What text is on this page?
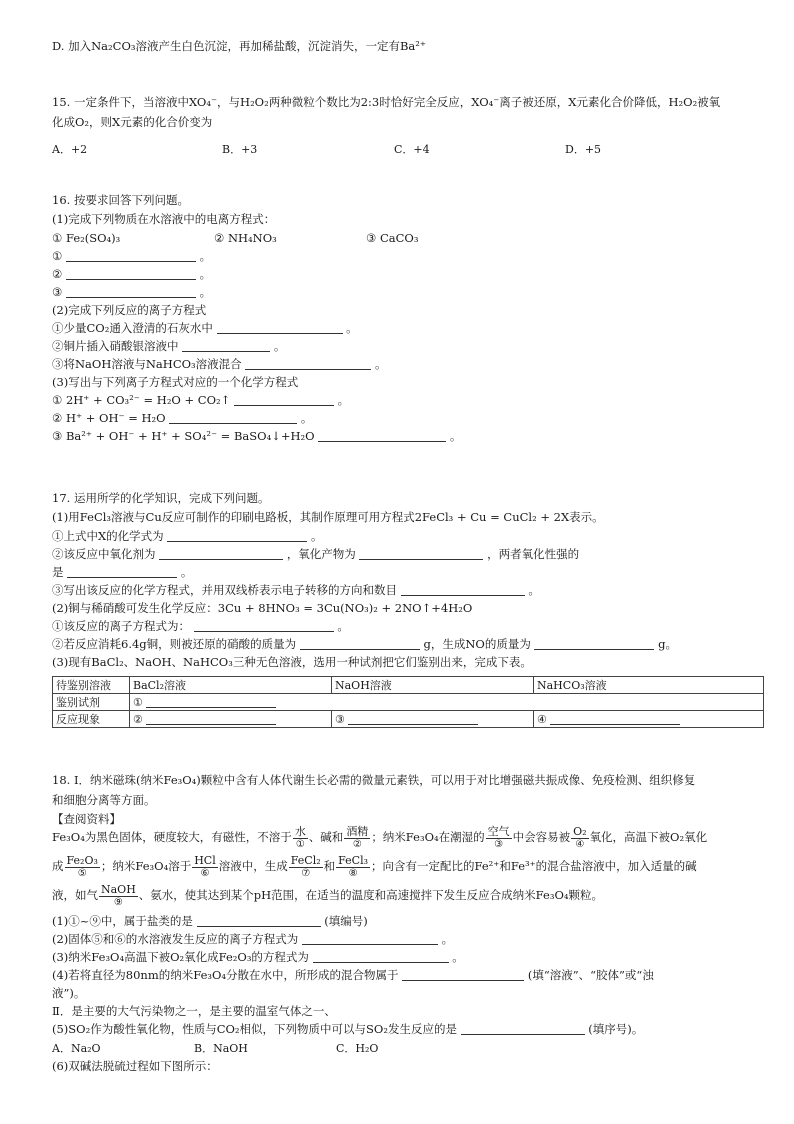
D. 加入Na₂CO₃溶液产生白色沉淀，再加稀盐酸，沉淀消失，一定有Ba²⁺
15. 一定条件下，当溶液中XO₄⁻，与H₂O₂两种微粒个数比为2:3时恰好完全反应，XO₄⁻离子被还原，X元素化合价降低，H₂O₂被氧
化成O₂，则X元素的化合价变为
A．+2	B．+3	C．+4	D．+5
16. 按要求回答下列问题。
(1)完成下列物质在水溶液中的电离方程式：
① Fe₂(SO₄)₃	② NH₄NO₃	③ CaCO₃
①	。
②	。
③	。
(2)完成下列反应的离子方程式
①少量CO₂通入澄清的石灰水中	。
②铜片插入硝酸银溶液中	。
③将NaOH溶液与NaHCO₃溶液混合	。
(3)写出与下列离子方程式对应的一个化学方程式
① 2H⁺ + CO₃²⁻ = H₂O + CO₂↑	。
② H⁺ + OH⁻ = H₂O	。
③ Ba²⁺ + OH⁻ + H⁺ + SO₄²⁻ = BaSO₄↓+H₂O	。
17. 运用所学的化学知识，完成下列问题。
(1)用FeCl₃溶液与Cu反应可制作的印刷电路板，其制作原理可用方程式2FeCl₃ + Cu = CuCl₂ + 2X表示。
①上式中X的化学式为	。
②该反应中氧化剂为	，氧化产物为	，两者氧化性强的
是	。
③写出该反应的化学方程式，并用双线桥表示电子转移的方向和数目	。
(2)铜与稀硝酸可发生化学反应：3Cu + 8HNO₃ = 3Cu(NO₃)₂ + 2NO↑+4H₂O
①该反应的离子方程式为：	。
②若反应消耗6.4g铜，则被还原的硝酸的质量为	g，生成NO的质量为	g。
(3)现有BaCl₂、NaOH、NaHCO₃三种无色溶液，选用一种试剂把它们鉴别出来，完成下表。
待鉴别溶液	BaCl₂溶液	NaOH溶液	NaHCO₃溶液
鉴别试剂	①		
反应现象	②	③	④
18. Ⅰ．纳米磁珠(纳米Fe₃O₄)颗粒中含有人体代谢生长必需的微量元素铁，可以用于对比增强磁共振成像、免疫检测、组织修复
和细胞分离等方面。
【查阅资料】
Fe₃O₄为黑色固体，硬度较大，有磁性，不溶于 $\frac{\text{水}}{\text{①}}$ 、碱和 $\frac{\text{酒精}}{\text{②}}$ ；纳米Fe₃O₄在潮湿的 $\frac{\text{空气}}{\text{③}}$ 中会容易被 $\frac{\text{O₂}}{\text{④}}$ 氧化，高温下被O₂氧化
成 $\frac{\text{Fe₂O₃}}{\text{⑤}}$ ；纳米Fe₃O₄溶于 $\frac{\text{HCl}}{\text{⑥}}$ 溶液中，生成 $\frac{\text{FeCl₂}}{\text{⑦}}$ 和 $\frac{\text{FeCl₃}}{\text{⑧}}$ ；向含有一定配比的Fe²⁺和Fe³⁺的混合盐溶液中，加入适量的碱
液，如气 $\frac{\text{NaOH}}{\text{⑨}}$ 、氨水，使其达到某个pH范围，在适当的温度和高速搅拌下发生反应合成纳米Fe₃O₄颗粒。
(1)①~⑨中，属于盐类的是	(填编号)
(2)固体⑤和⑥的水溶液发生反应的离子方程式为	。
(3)纳米Fe₃O₄高温下被O₂氧化成Fe₂O₃的方程式为	。
(4)若将直径为80nm的纳米Fe₃O₄分散在水中，所形成的混合物属于	(填“溶液”、“胶体”或“浊
液”)。
Ⅱ．是主要的大气污染物之一，是主要的温室气体之一、
(5)SO₂作为酸性氧化物，性质与CO₂相似，下列物质中可以与SO₂发生反应的是	(填序号)。
A．Na₂O	B．NaOH	C．H₂O
(6)双碱法脱硫过程如下图所示：
